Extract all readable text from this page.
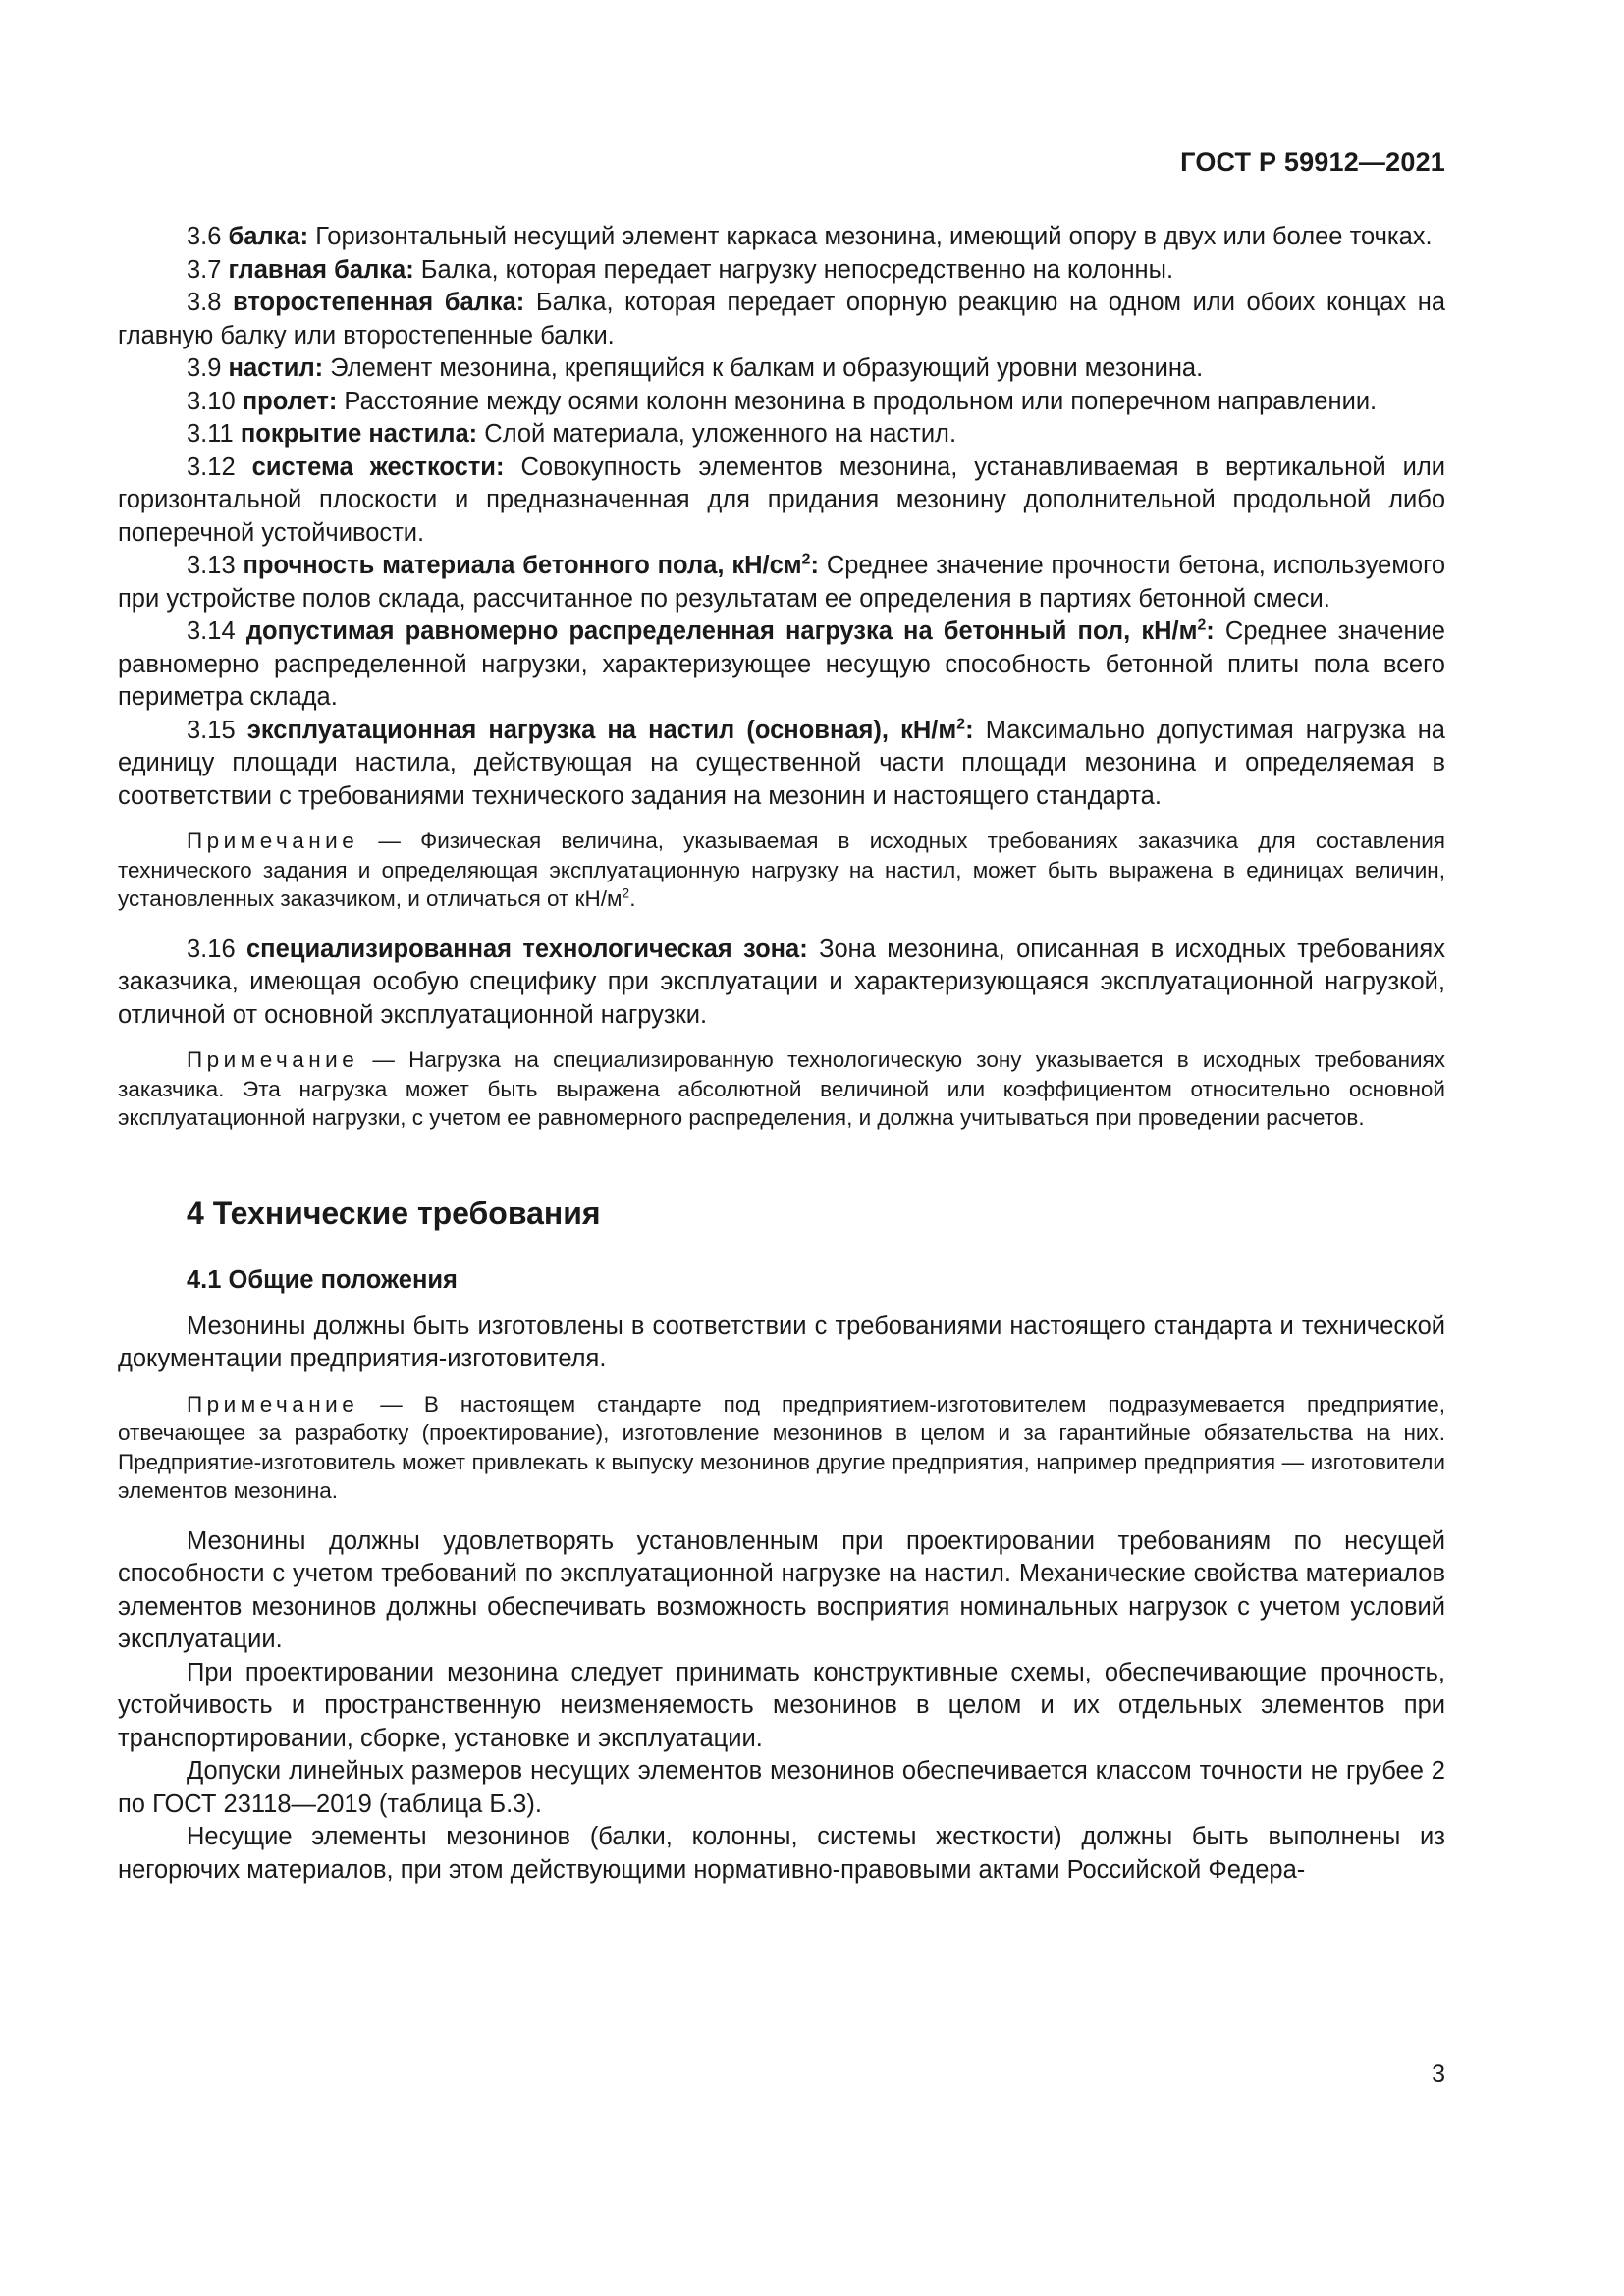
ГОСТ Р 59912—2021

3.6 балка: Горизонтальный несущий элемент каркаса мезонина, имеющий опору в двух или более точках.

3.7 главная балка: Балка, которая передает нагрузку непосредственно на колонны.

3.8 второстепенная балка: Балка, которая передает опорную реакцию на одном или обоих концах на главную балку или второстепенные балки.

3.9 настил: Элемент мезонина, крепящийся к балкам и образующий уровни мезонина.

3.10 пролет: Расстояние между осями колонн мезонина в продольном или поперечном направлении.

3.11 покрытие настила: Слой материала, уложенного на настил.

3.12 система жесткости: Совокупность элементов мезонина, устанавливаемая в вертикальной или горизонтальной плоскости и предназначенная для придания мезонину дополнительной продольной либо поперечной устойчивости.

3.13 прочность материала бетонного пола, $кН/см^2$: Среднее значение прочности бетона, используемого при устройстве полов склада, рассчитанное по результатам ее определения в партиях бетонной смеси.

3.14 допустимая равномерно распределенная нагрузка на бетонный пол, $кН/м^2$: Среднее значение равномерно распределенной нагрузки, характеризующее несущую способность бетонной плиты пола всего периметра склада.

3.15 эксплуатационная нагрузка на настил (основная), $кН/м^2$: Максимально допустимая нагрузка на единицу площади настила, действующая на существенной части площади мезонина и определяемая в соответствии с требованиями технического задания на мезонин и настоящего стандарта.

Примечание — Физическая величина, указываемая в исходных требованиях заказчика для составления технического задания и определяющая эксплуатационную нагрузку на настил, может быть выражена в единицах величин, установленных заказчиком, и отличаться от $кН/м^2$.

3.16 специализированная технологическая зона: Зона мезонина, описанная в исходных требованиях заказчика, имеющая особую специфику при эксплуатации и характеризующаяся эксплуатационной нагрузкой, отличной от основной эксплуатационной нагрузки.

Примечание — Нагрузка на специализированную технологическую зону указывается в исходных требованиях заказчика. Эта нагрузка может быть выражена абсолютной величиной или коэффициентом относительно основной эксплуатационной нагрузки, с учетом ее равномерного распределения, и должна учитываться при проведении расчетов.

4 Технические требования
4.1 Общие положения

Мезонины должны быть изготовлены в соответствии с требованиями настоящего стандарта и технической документации предприятия-изготовителя.

Примечание — В настоящем стандарте под предприятием-изготовителем подразумевается предприятие, отвечающее за разработку (проектирование), изготовление мезонинов в целом и за гарантийные обязательства на них. Предприятие-изготовитель может привлекать к выпуску мезонинов другие предприятия, например предприятия — изготовители элементов мезонина.

Мезонины должны удовлетворять установленным при проектировании требованиям по несущей способности с учетом требований по эксплуатационной нагрузке на настил. Механические свойства материалов элементов мезонинов должны обеспечивать возможность восприятия номинальных нагрузок с учетом условий эксплуатации.

При проектировании мезонина следует принимать конструктивные схемы, обеспечивающие прочность, устойчивость и пространственную неизменяемость мезонинов в целом и их отдельных элементов при транспортировании, сборке, установке и эксплуатации.

Допуски линейных размеров несущих элементов мезонинов обеспечивается классом точности не грубее 2 по ГОСТ 23118—2019 (таблица Б.3).

Несущие элементы мезонинов (балки, колонны, системы жесткости) должны быть выполнены из негорючих материалов, при этом действующими нормативно-правовыми актами Российской Федера-

3
